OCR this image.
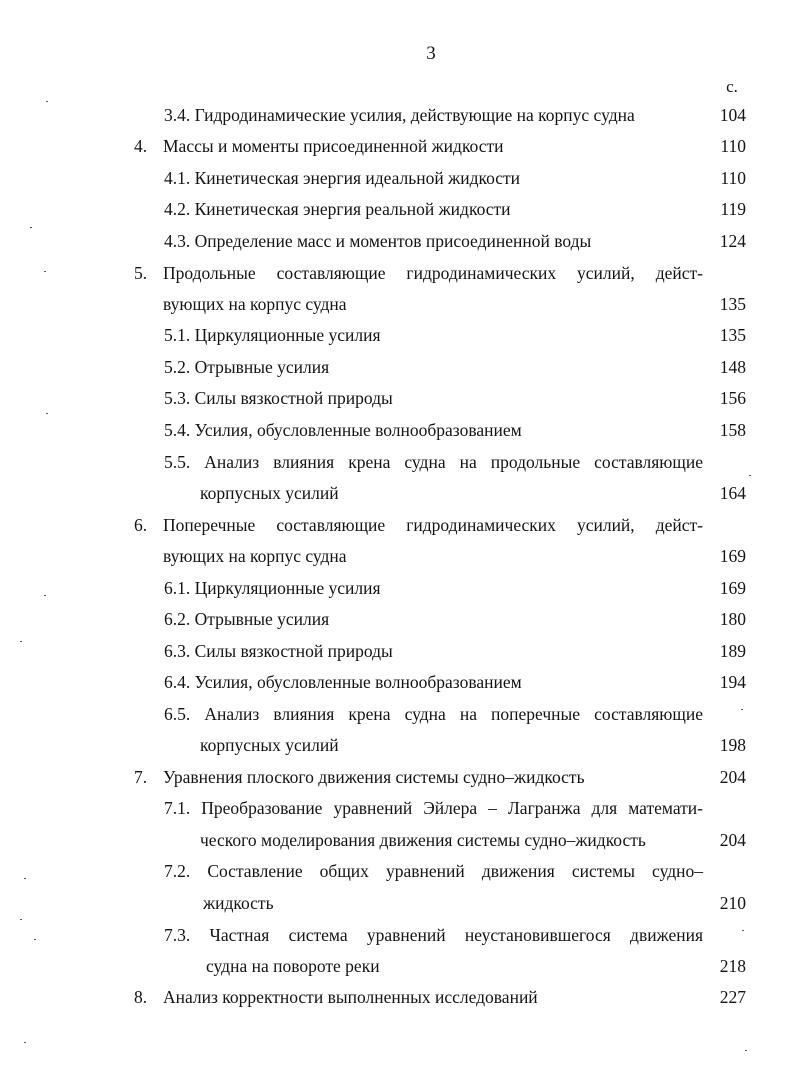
3
с.
3.4. Гидродинамические усилия, действующие на корпус судна	104
4. Массы и моменты присоединенной жидкости	110
4.1. Кинетическая энергия идеальной жидкости	110
4.2. Кинетическая энергия реальной жидкости	119
4.3. Определение масс и моментов присоединенной воды	124
5. Продольные составляющие гидродинамических усилий, дейст-
вующих на корпус судна	135
5.1. Циркуляционные усилия	135
5.2. Отрывные усилия	148
5.3. Силы вязкостной природы	156
5.4. Усилия, обусловленные волнообразованием	158
5.5. Анализ влияния крена судна на продольные составляющие
корпусных усилий	164
6. Поперечные составляющие гидродинамических усилий, дейст-
вующих на корпус судна	169
6.1. Циркуляционные усилия	169
6.2. Отрывные усилия	180
6.3. Силы вязкостной природы	189
6.4. Усилия, обусловленные волнообразованием	194
6.5. Анализ влияния крена судна на поперечные составляющие
корпусных усилий	198
7. Уравнения плоского движения системы судно–жидкость	204
7.1. Преобразование уравнений Эйлера – Лагранжа для математи-
ческого моделирования движения системы судно–жидкость	204
7.2. Составление общих уравнений движения системы судно–
жидкость	210
7.3. Частная система уравнений неустановившегося движения
судна на повороте реки	218
8. Анализ корректности выполненных исследований	227
